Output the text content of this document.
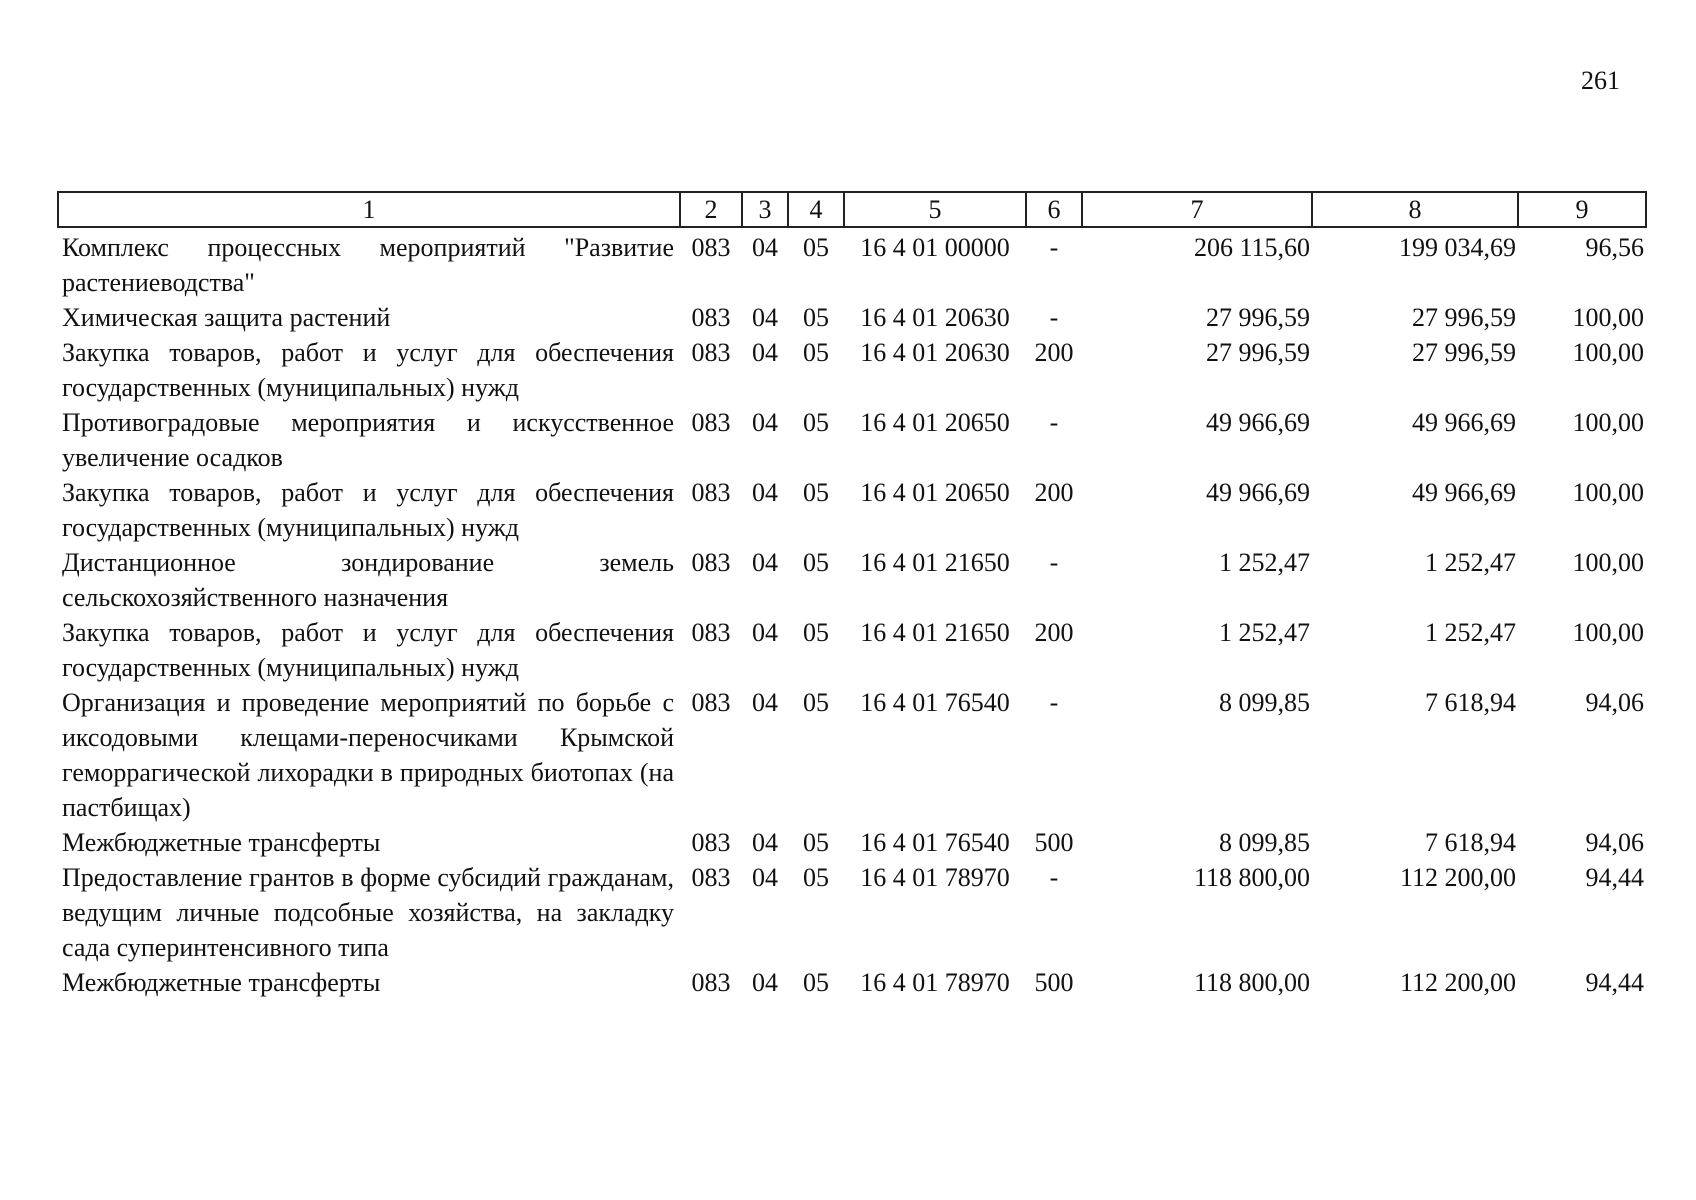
261
1	2	3	4	5	6	7	8	9
Комплекс процессных мероприятий "Развитие растениеводства"	083	04	05	16 4 01 00000	-	206 115,60	199 034,69	96,56
Химическая защита растений	083	04	05	16 4 01 20630	-	27 996,59	27 996,59	100,00
Закупка товаров, работ и услуг для обеспечения государственных (муниципальных) нужд	083	04	05	16 4 01 20630	200	27 996,59	27 996,59	100,00
Противоградовые мероприятия и искусственное увеличение осадков	083	04	05	16 4 01 20650	-	49 966,69	49 966,69	100,00
Закупка товаров, работ и услуг для обеспечения государственных (муниципальных) нужд	083	04	05	16 4 01 20650	200	49 966,69	49 966,69	100,00
Дистанционное зондирование земель сельскохозяйственного назначения	083	04	05	16 4 01 21650	-	1 252,47	1 252,47	100,00
Закупка товаров, работ и услуг для обеспечения государственных (муниципальных) нужд	083	04	05	16 4 01 21650	200	1 252,47	1 252,47	100,00
Организация и проведение мероприятий по борьбе с иксодовыми клещами-переносчиками Крымской геморрагической лихорадки в природных биотопах (на пастбищах)	083	04	05	16 4 01 76540	-	8 099,85	7 618,94	94,06
Межбюджетные трансферты	083	04	05	16 4 01 76540	500	8 099,85	7 618,94	94,06
Предоставление грантов в форме субсидий гражданам, ведущим личные подсобные хозяйства, на закладку сада суперинтенсивного типа	083	04	05	16 4 01 78970	-	118 800,00	112 200,00	94,44
Межбюджетные трансферты	083	04	05	16 4 01 78970	500	118 800,00	112 200,00	94,44
